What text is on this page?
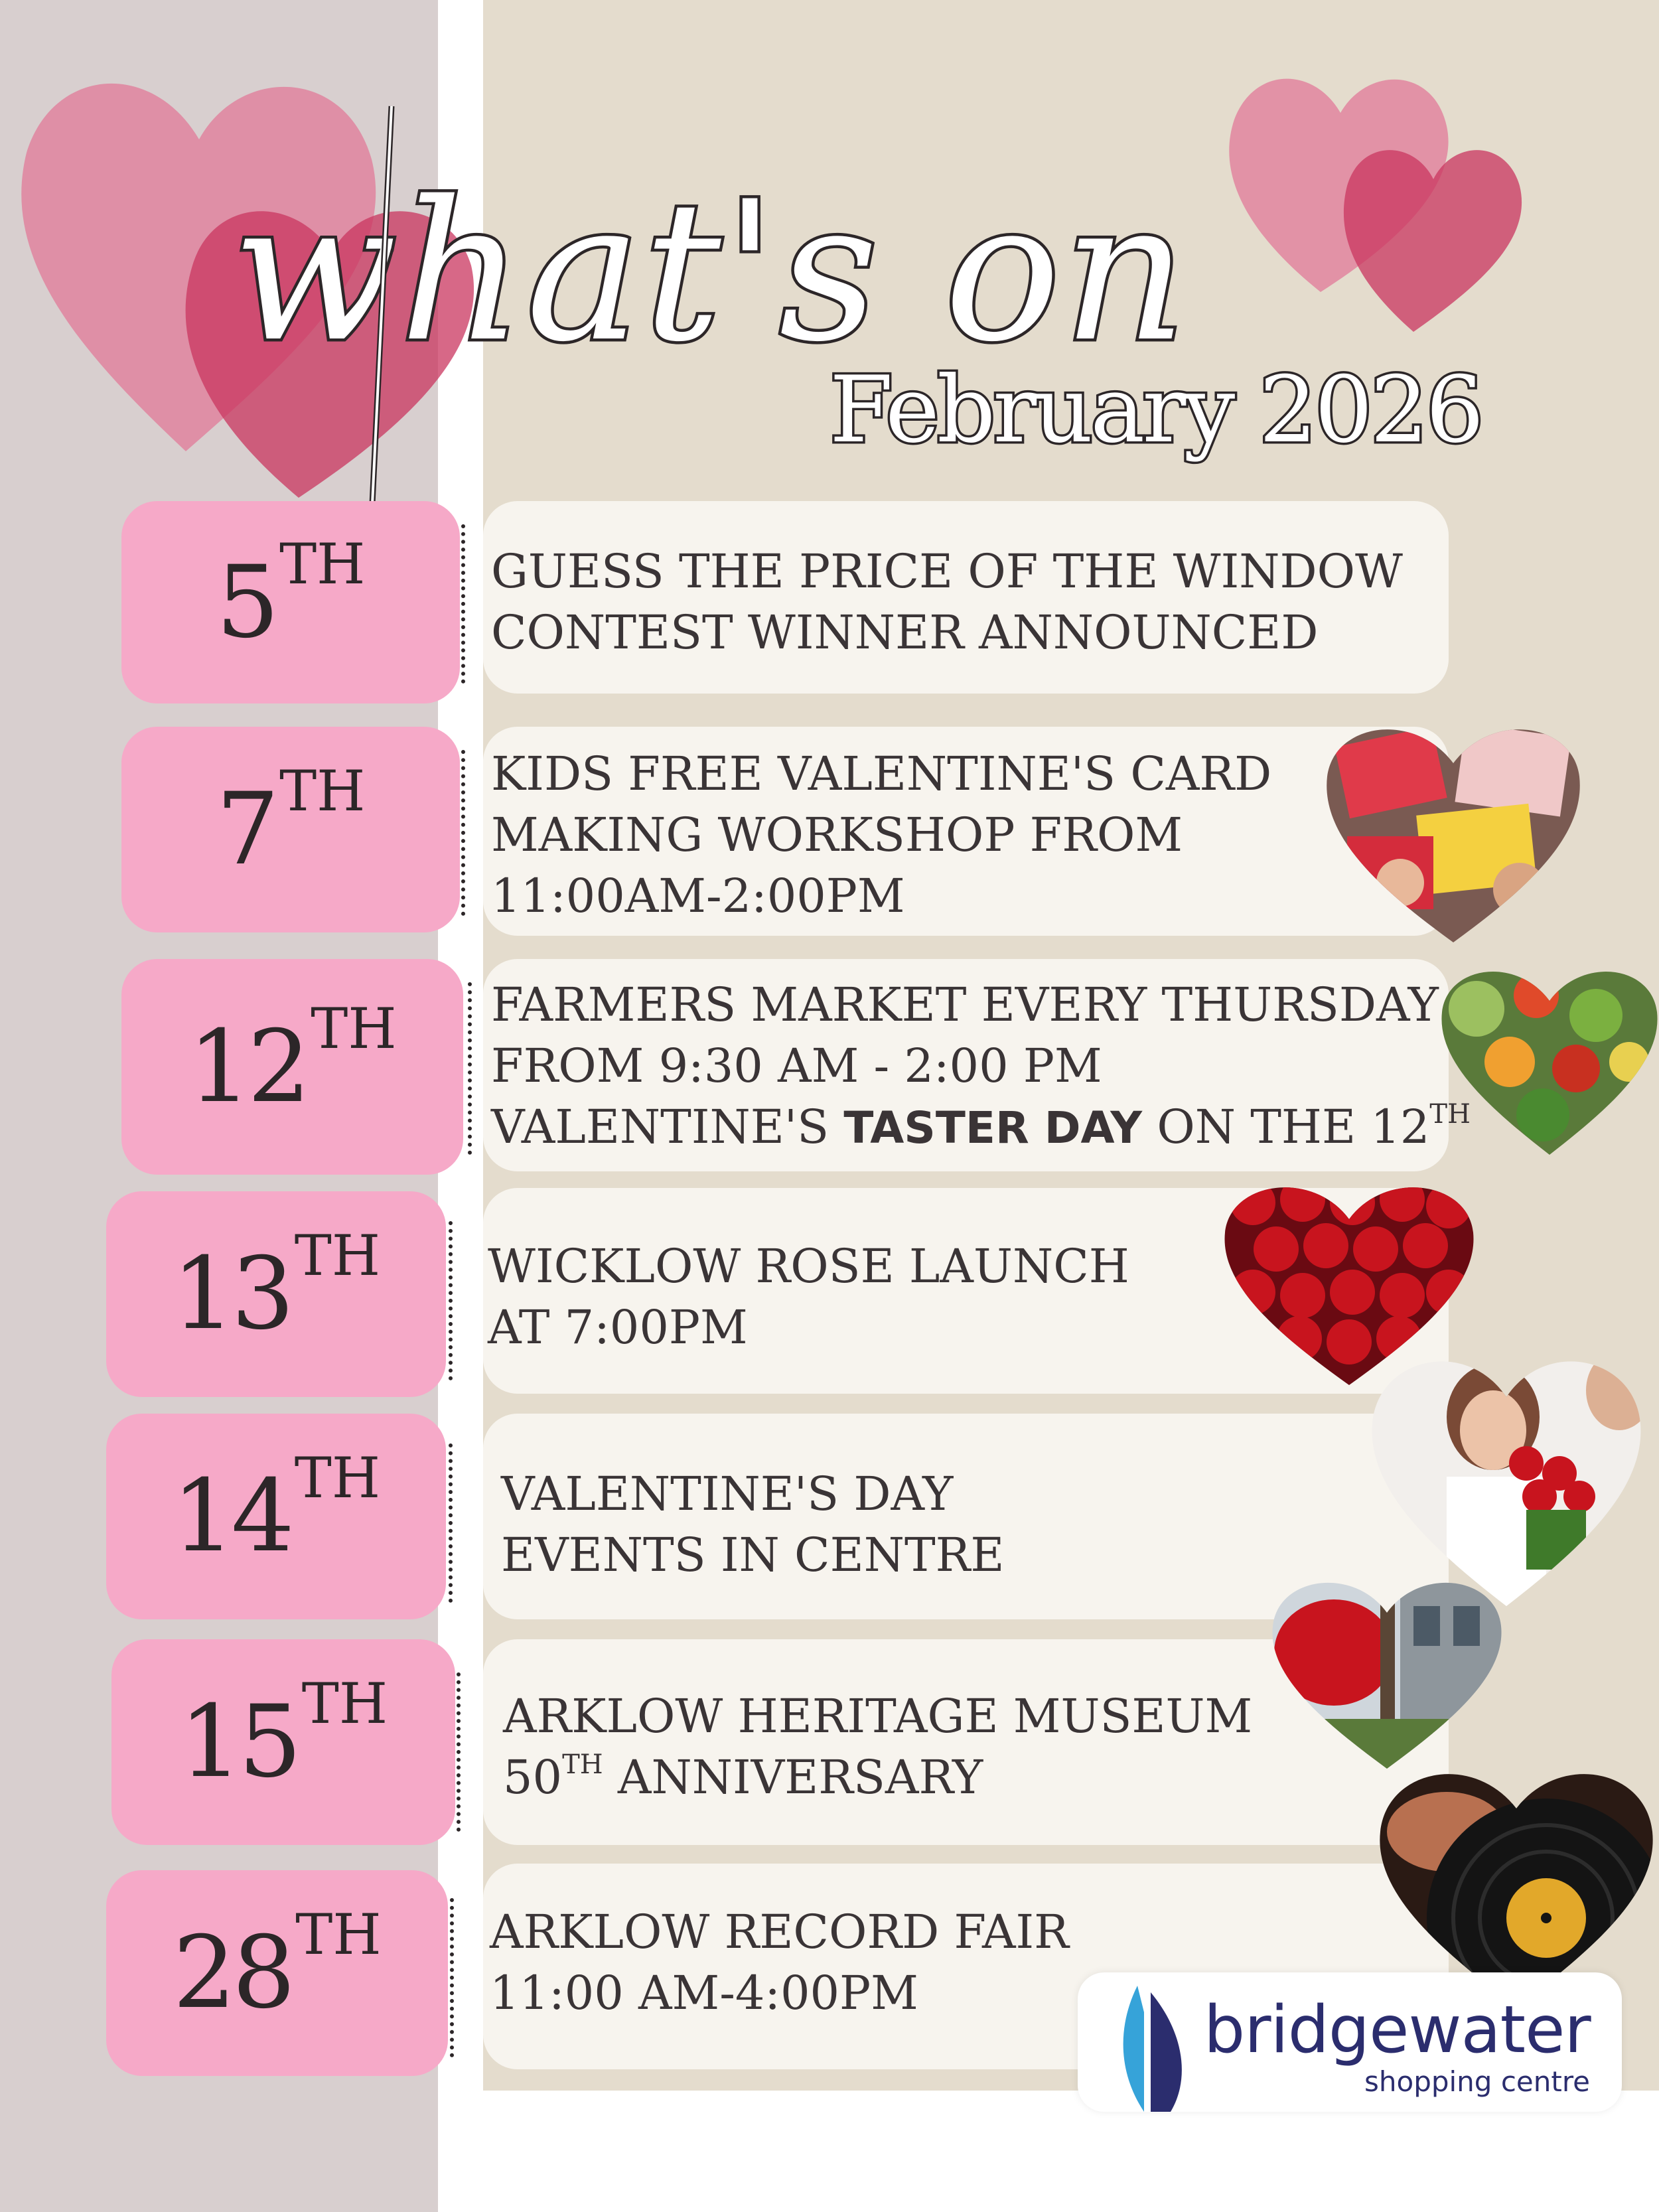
what's on
February 2026
5 TH	GUESS THE PRICE OF THE WINDOW
CONTEST WINNER ANNOUNCED
7 TH	KIDS FREE VALENTINE'S CARD
MAKING WORKSHOP FROM
11:00AM-2:00PM
12 TH FARMERS MARKET EVERY THURSDAY
FROM 9:30 AM - 2:00 PM
VALENTINE'S TASTER DAY ON THE 12TH
13 TH WICKLOW ROSE LAUNCH
AT 7:00PM
14 TH	VALENTINE'S DAY
EVENTS IN CENTRE
15 TH ARKLOW HERITAGE MUSEUM
50TH ANNIVERSARY
28 TH ARKLOW RECORD FAIR
11:00 AM-4:00PM	bridgewater
shopping centre
